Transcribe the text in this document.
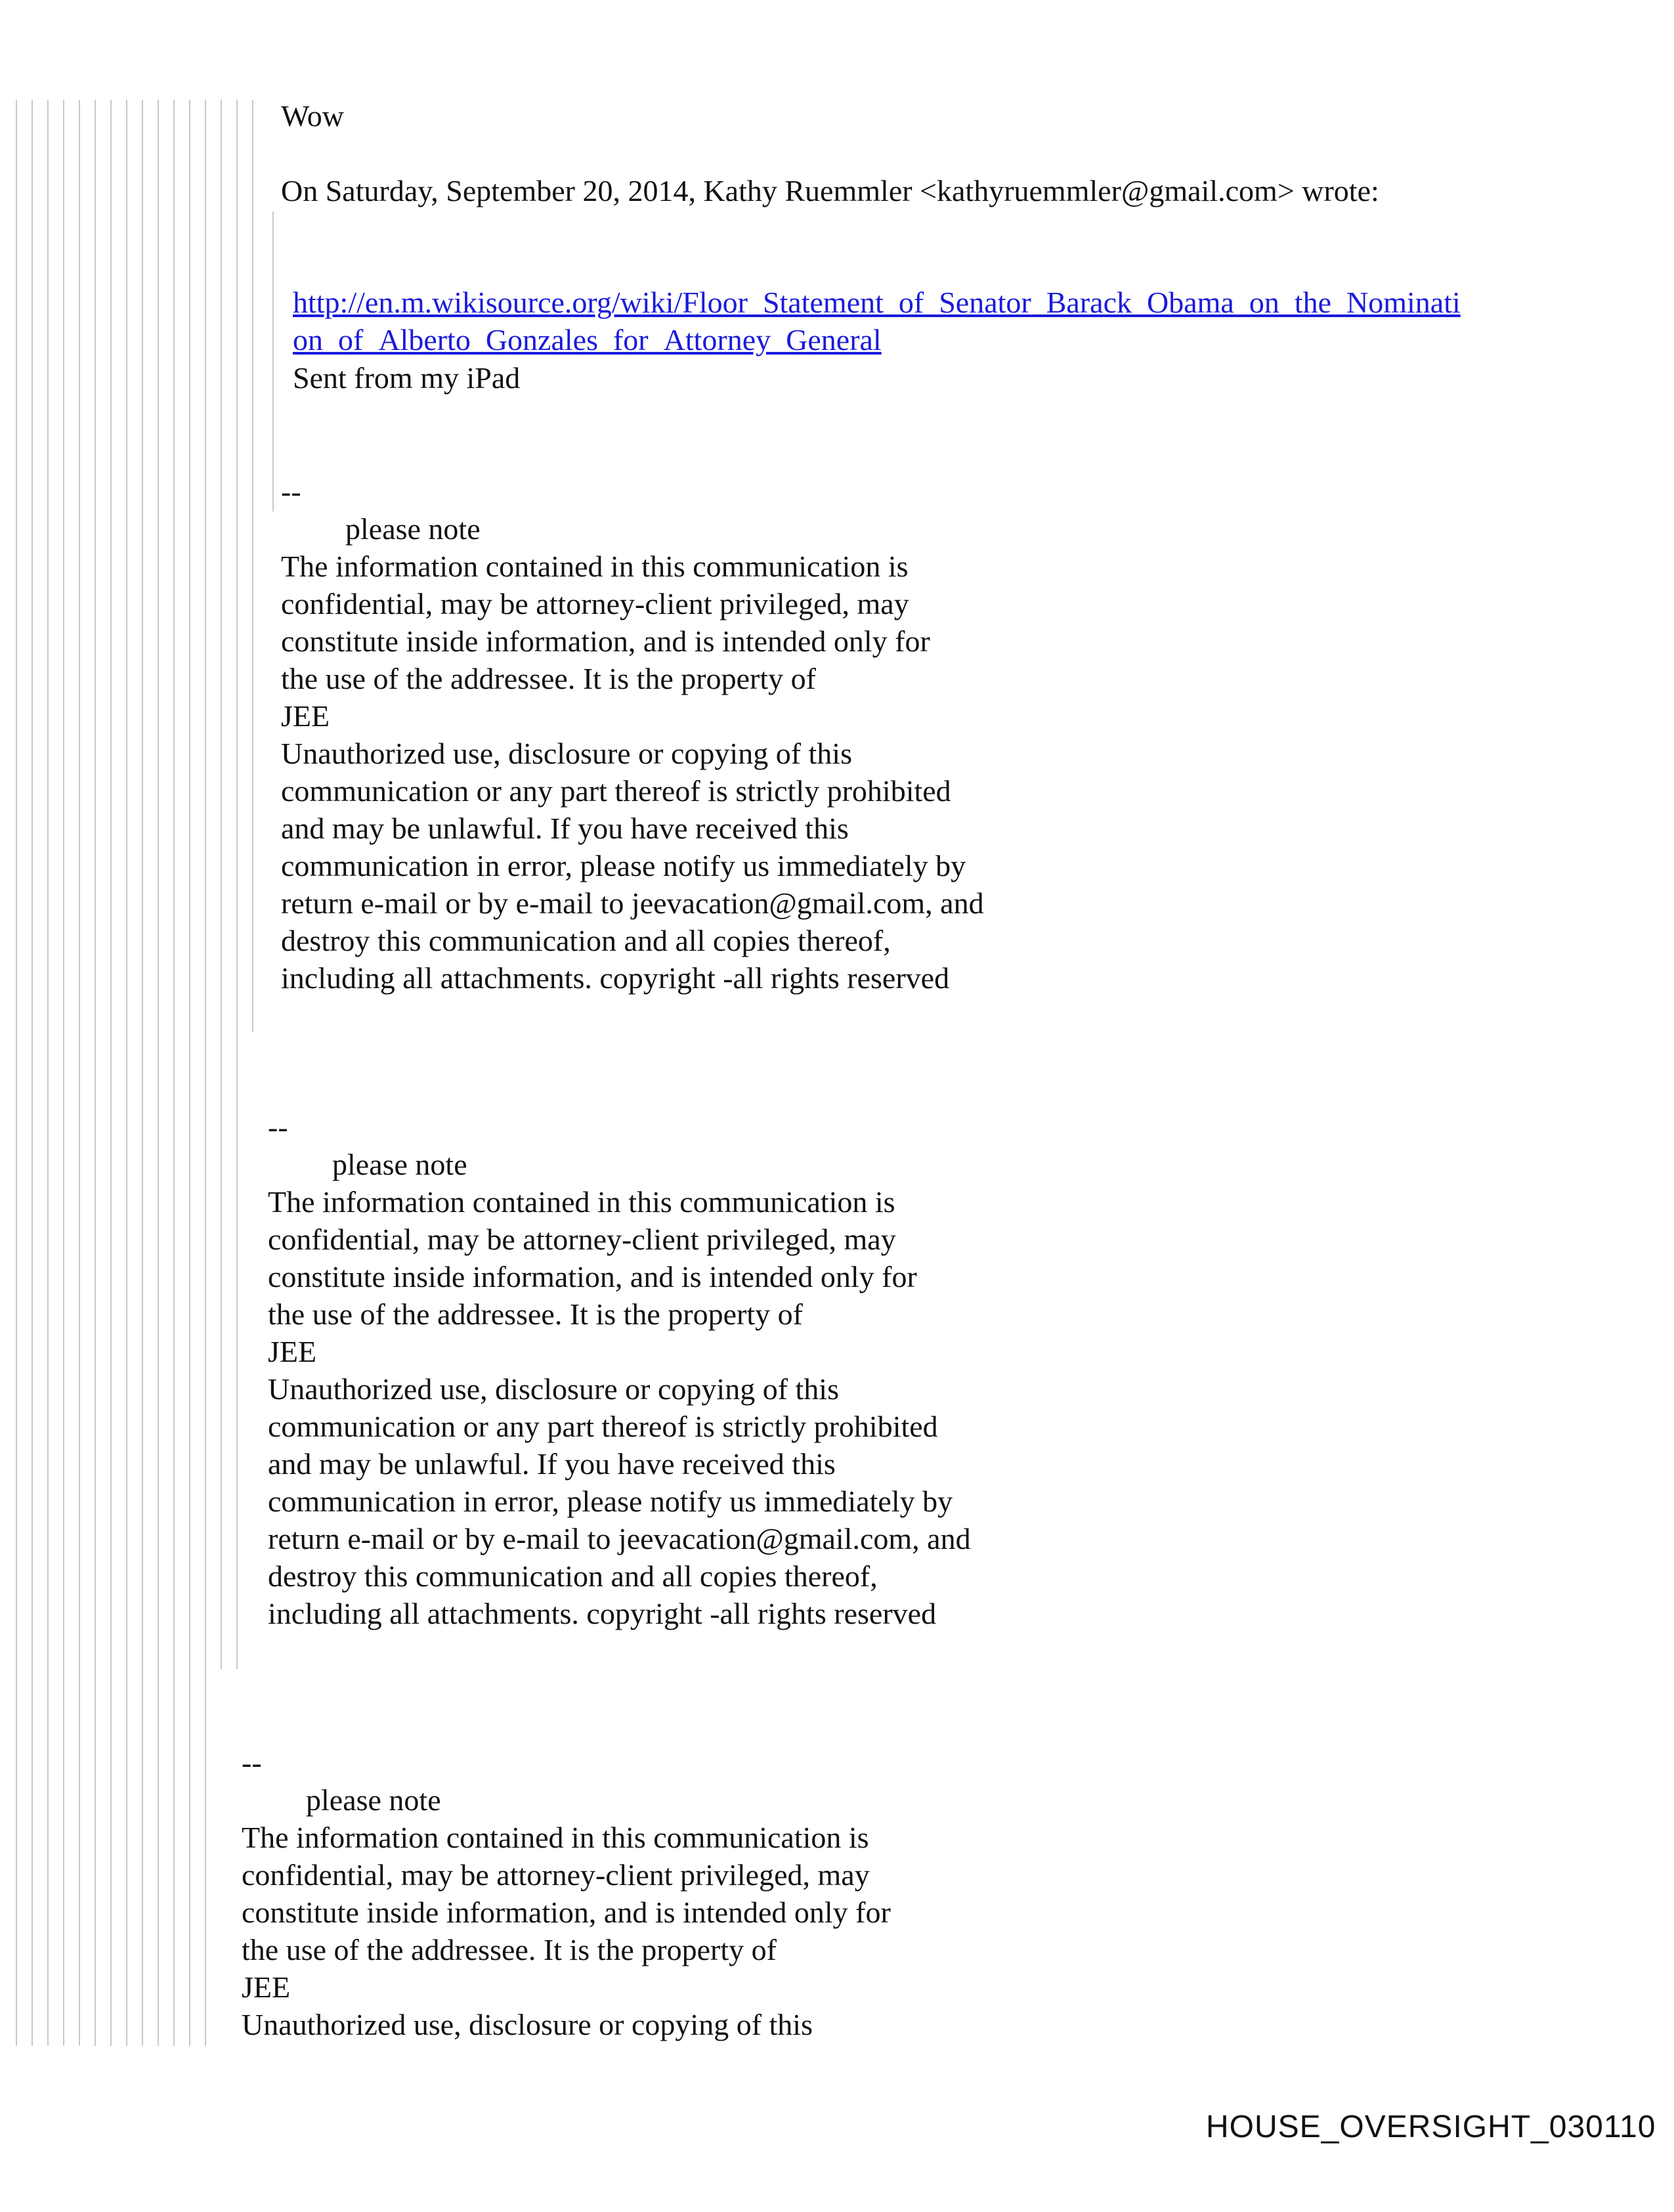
Wow
On Saturday, September 20, 2014, Kathy Ruemmler <kathyruemmler@gmail.com> wrote:

http://en.m.wikisource.org/wiki/Floor_Statement_of_Senator_Barack_Obama_on_the_Nominati
on_of_Alberto_Gonzales_for_Attorney_General

Sent from my iPad
--
please note
The information contained in this communication is
confidential, may be attorney-client privileged, may
constitute inside information, and is intended only for
the use of the addressee. It is the property of
JEE
Unauthorized use, disclosure or copying of this
communication or any part thereof is strictly prohibited
and may be unlawful. If you have received this
communication in error, please notify us immediately by
return e-mail or by e-mail to jeevacation@gmail.com, and
destroy this communication and all copies thereof,
including all attachments. copyright -all rights reserved
--
please note
The information contained in this communication is
confidential, may be attorney-client privileged, may
constitute inside information, and is intended only for
the use of the addressee. It is the property of
JEE
Unauthorized use, disclosure or copying of this
communication or any part thereof is strictly prohibited
and may be unlawful. If you have received this
communication in error, please notify us immediately by
return e-mail or by e-mail to jeevacation@gmail.com, and
destroy this communication and all copies thereof,
including all attachments. copyright -all rights reserved
--
please note
The information contained in this communication is
confidential, may be attorney-client privileged, may
constitute inside information, and is intended only for
the use of the addressee. It is the property of
JEE
Unauthorized use, disclosure or copying of this
HOUSE_OVERSIGHT_030110
